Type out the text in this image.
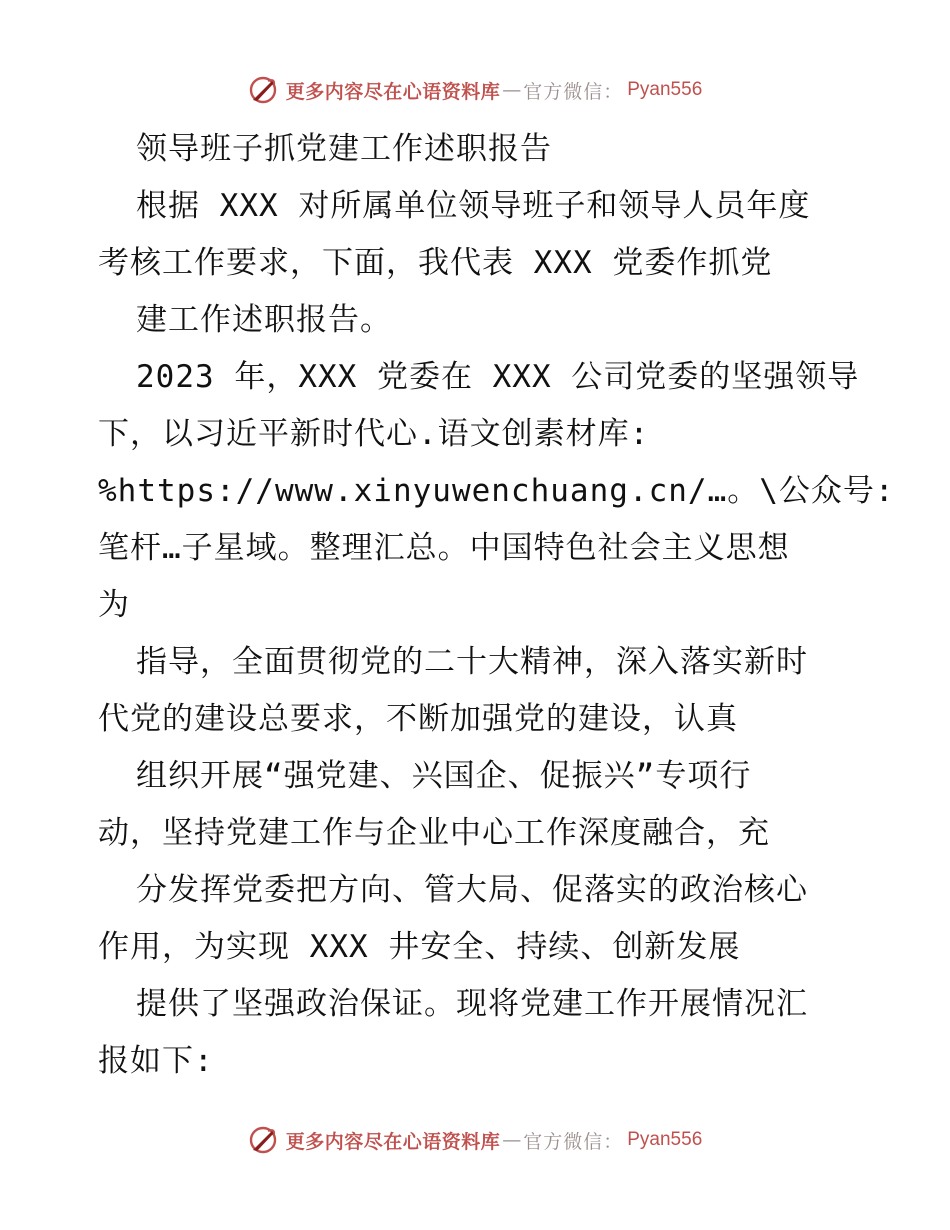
更多内容尽在心语资料库 — 官方微信： Pyan556
领导班子抓党建工作述职报告
根据 XXX 对所属单位领导班子和领导人员年度
考核工作要求，下面，我代表 XXX 党委作抓党
建工作述职报告。
2023 年，XXX 党委在 XXX 公司党委的坚强领导
下，以习近平新时代心.语文创素材库:
%https://www.xinyuwenchuang.cn/…。\公众号:
笔杆…子星域。整理汇总。中国特色社会主义思想
为
指导，全面贯彻党的二十大精神，深入落实新时
代党的建设总要求，不断加强党的建设，认真
组织开展“强党建、兴国企、促振兴”专项行
动，坚持党建工作与企业中心工作深度融合，充
分发挥党委把方向、管大局、促落实的政治核心
作用，为实现 XXX 井安全、持续、创新发展
提供了坚强政治保证。现将党建工作开展情况汇
报如下:
更多内容尽在心语资料库 — 官方微信： Pyan556
